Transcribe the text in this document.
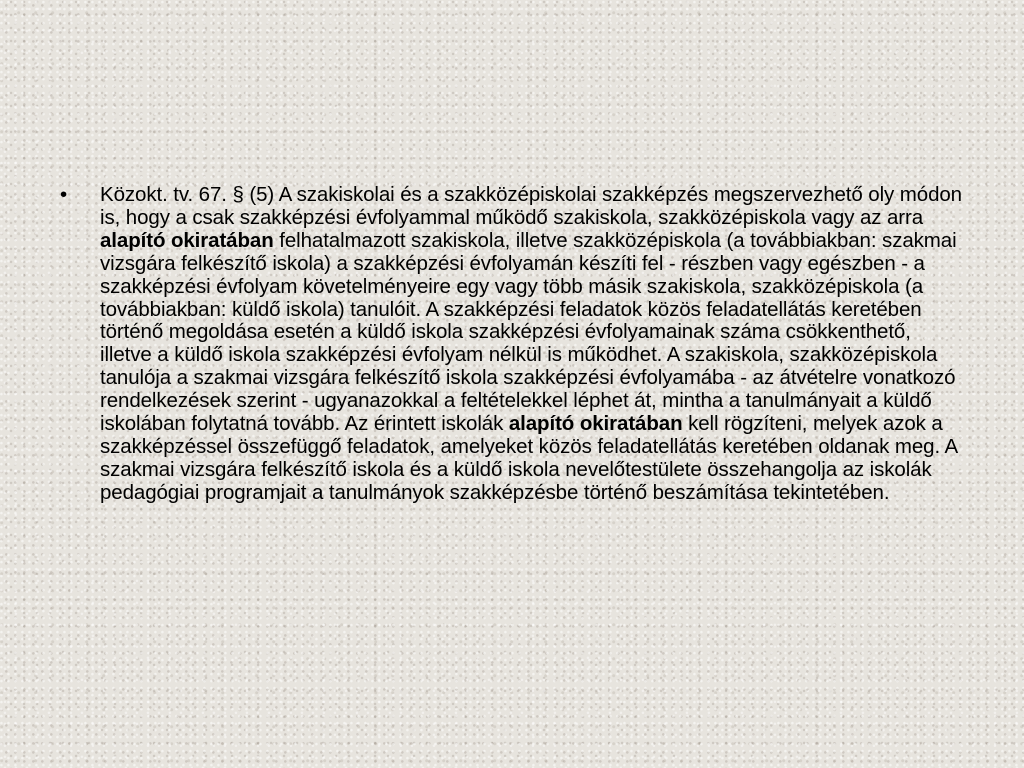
• Közokt. tv. 67. § (5) A szakiskolai és a szakközépiskolai szakképzés megszervezhető oly módon is, hogy a csak szakképzési évfolyammal működő szakiskola, szakközépiskola vagy az arra alapító okiratában felhatalmazott szakiskola, illetve szakközépiskola (a továbbiakban: szakmai vizsgára felkészítő iskola) a szakképzési évfolyamán készíti fel - részben vagy egészben - a szakképzési évfolyam követelményeire egy vagy több másik szakiskola, szakközépiskola (a továbbiakban: küldő iskola) tanulóit. A szakképzési feladatok közös feladatellátás keretében történő megoldása esetén a küldő iskola szakképzési évfolyamainak száma csökkenthető, illetve a küldő iskola szakképzési évfolyam nélkül is működhet. A szakiskola, szakközépiskola tanulója a szakmai vizsgára felkészítő iskola szakképzési évfolyamába - az átvételre vonatkozó rendelkezések szerint - ugyanazokkal a feltételekkel léphet át, mintha a tanulmányait a küldő iskolában folytatná tovább. Az érintett iskolák alapító okiratában kell rögzíteni, melyek azok a szakképzéssel összefüggő feladatok, amelyeket közös feladatellátás keretében oldanak meg. A szakmai vizsgára felkészítő iskola és a küldő iskola nevelőtestülete összehangolja az iskolák pedagógiai programjait a tanulmányok szakképzésbe történő beszámítása tekintetében.
